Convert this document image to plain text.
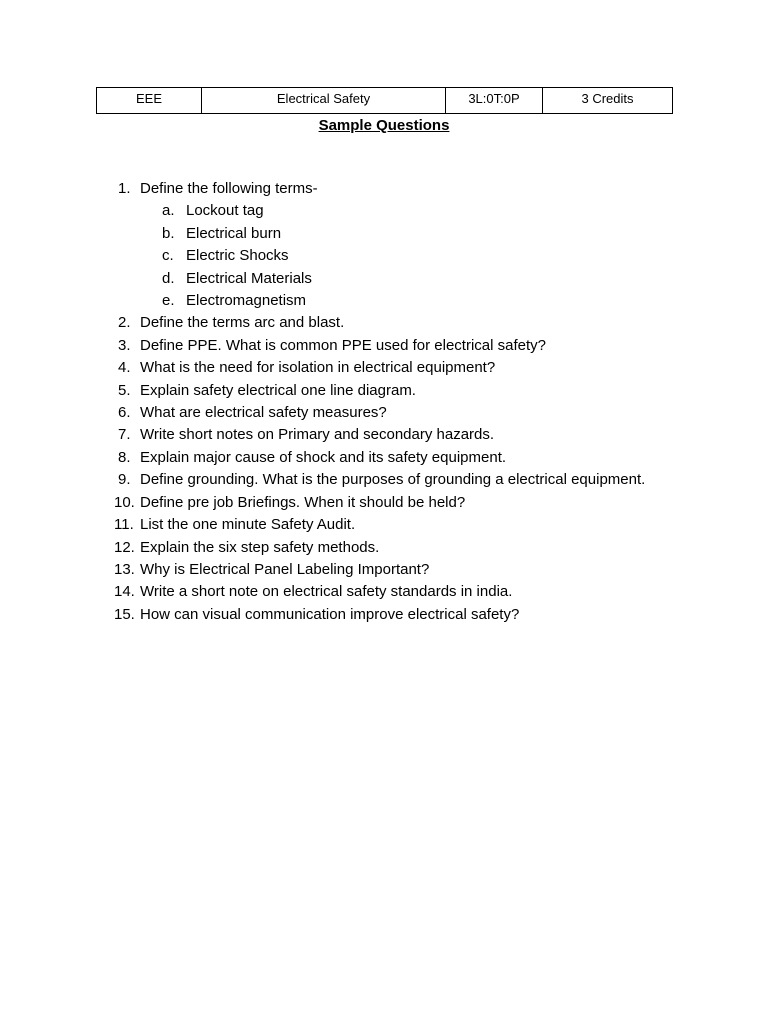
EEE	Electrical Safety	3L:0T:0P	3 Credits
Sample Questions
1. Define the following terms-
a. Lockout tag
b. Electrical burn
c. Electric Shocks
d. Electrical Materials
e. Electromagnetism
2. Define the terms arc and blast.
3. Define PPE. What is common PPE used for electrical safety?
4. What is the need for isolation in electrical equipment?
5. Explain safety electrical one line diagram.
6. What are electrical safety measures?
7. Write short notes on Primary and secondary hazards.
8. Explain major cause of shock and its safety equipment.
9. Define grounding. What is the purposes of grounding a electrical equipment.
10. Define pre job Briefings. When it should be held?
11. List the one minute Safety Audit.
12. Explain the six step safety methods.
13. Why is Electrical Panel Labeling Important?
14. Write a short note on electrical safety standards in india.
15. How can visual communication improve electrical safety?
